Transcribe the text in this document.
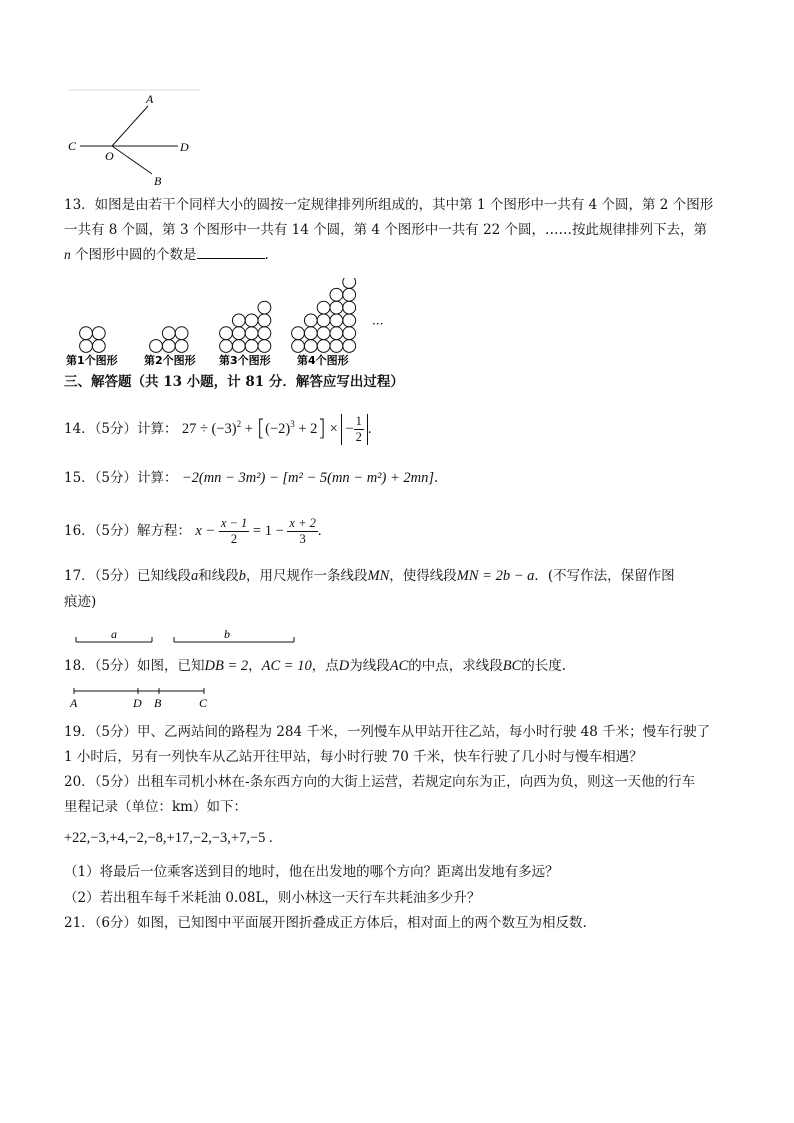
A
B
C	D
O
13．如图是由若干个同样大小的圆按一定规律排列所组成的，其中第 1 个图形中一共有 4 个圆，第 2 个图形
一共有 8 个圆，第 3 个图形中一共有 14 个圆，第 4 个图形中一共有 22 个圆，……按此规律排列下去，第
n 个图形中圆的个数是	.
···
第1个图形 第2个图形 第3个图形 第4个图形
三、解答题（共 13 小题，计 81 分．解答应写出过程）
14．（5分）计算： $27 \div (-3)^2 + [(-2)^3 + 2]$ × − $\frac{1}{2}$ .
15．（5分）计算： −2(mn − 3m²) − [m² − 5(mn − m²) + 2mn].
16．（5分）解方程： $x - \frac{x - 1}{2} = 1 - \frac{x + 2}{3}$ .
17．（5分）已知线段a和线段b，用尺规作一条线段MN，使得线段MN = 2b − a．(不写作法，保留作图
痕迹)
a	b
18．（5分）如图，已知DB = 2，AC = 10，点D为线段AC的中点，求线段BC的长度.
A	D B	C
19．（5分）甲、乙两站间的路程为 284 千米，一列慢车从甲站开往乙站，每小时行驶 48 千米；慢车行驶了
1 小时后，另有一列快车从乙站开往甲站，每小时行驶 70 千米，快车行驶了几小时与慢车相遇？
20．（5分）出租车司机小林在-条东西方向的大街上运营，若规定向东为正，向西为负，则这一天他的行车
里程记录（单位：km）如下：
+22,−3,+4,−2,−8,+17,−2,−3,+7,−5 .
（1）将最后一位乘客送到目的地时，他在出发地的哪个方向？距离出发地有多远？
（2）若出租车每千米耗油 0.08L，则小林这一天行车共耗油多少升？
21．（6分）如图，已知图中平面展开图折叠成正方体后，相对面上的两个数互为相反数.
